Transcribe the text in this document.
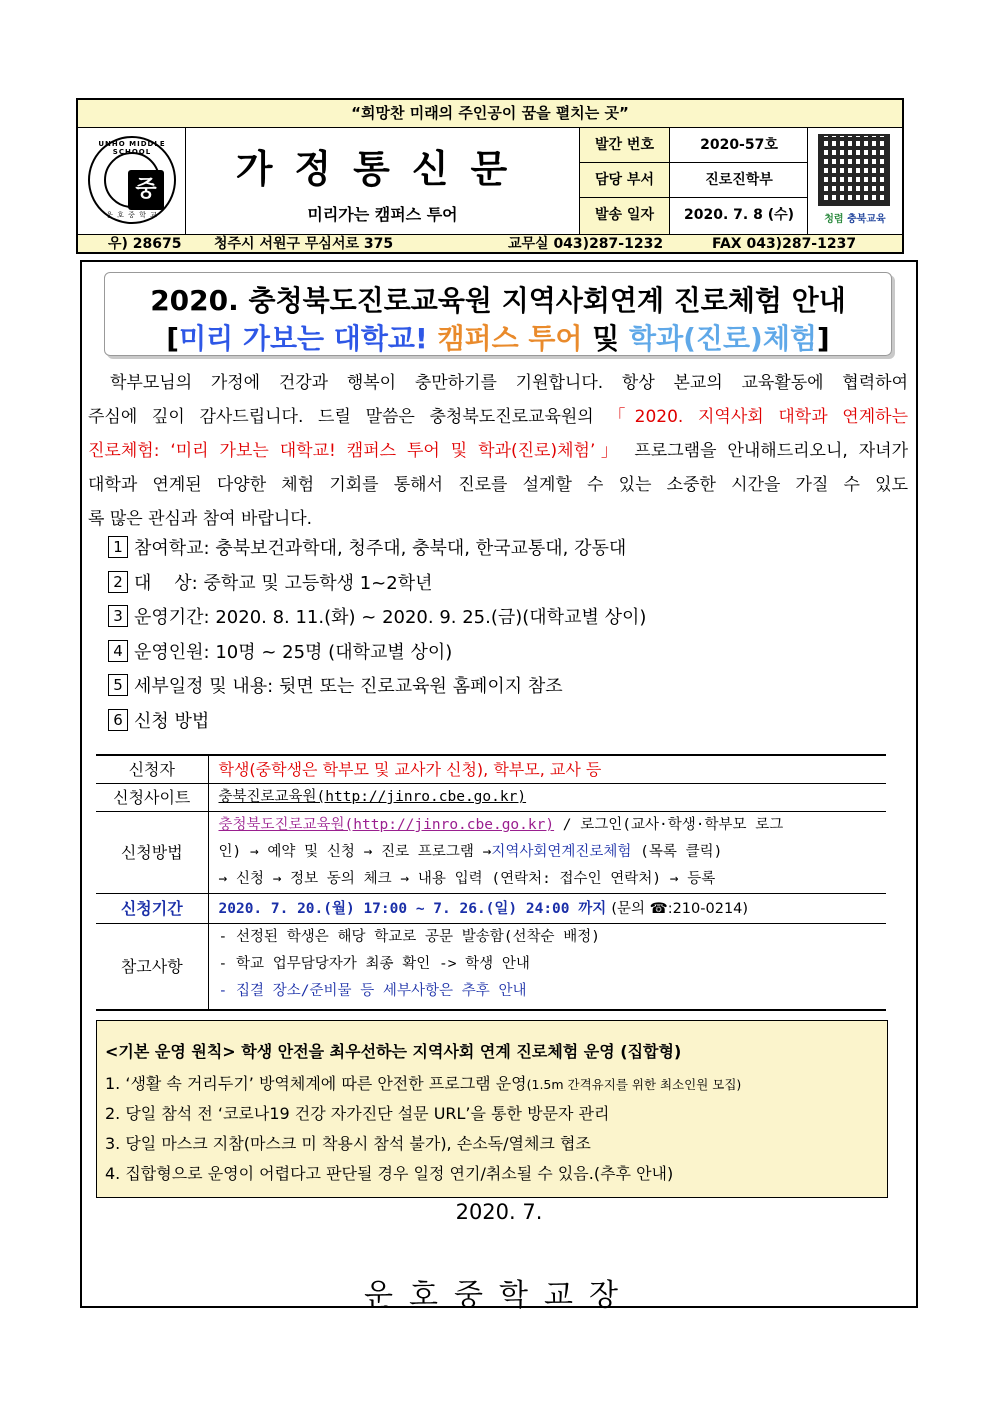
“희망찬 미래의 주인공이 꿈을 펼치는 곳”
UNHO MIDDLE SCHOOL
중
운 호 중 학 교
가정통신문
미리가는 캠퍼스 투어
발간 번호	2020-57호
담당 부서	진로진학부
발송 일자	2020. 7. 8 (수)	청렴 충북교육
우) 28675 청주시 서원구 무심서로 375	교무실 043)287-1232	FAX 043)287-1237
2020. 충청북도진로교육원 지역사회연계 진로체험 안내
[미리 가보는 대학교! 캠퍼스 투어 및 학과(진로)체험]
학부모님의 가정에 건강과 행복이 충만하기를 기원합니다. 항상 본교의 교육활동에 협력하여
주심에 깊이 감사드립니다. 드릴 말씀은 충청북도진로교육원의 「2020. 지역사회 대학과 연계하는
진로체험: ‘미리 가보는 대학교! 캠퍼스 투어 및 학과(진로)체험’」 프로그램을 안내해드리오니, 자녀가
대학과 연계된 다양한 체험 기회를 통해서 진로를 설계할 수 있는 소중한 시간을 가질 수 있도
록 많은 관심과 참여 바랍니다.
1 참여학교: 충북보건과학대, 청주대, 충북대, 한국교통대, 강동대
2 대    상: 중학교 및 고등학생 1~2학년
3 운영기간: 2020. 8. 11.(화) ~ 2020. 9. 25.(금)(대학교별 상이)
4 운영인원: 10명 ~ 25명 (대학교별 상이)
5 세부일정 및 내용: 뒷면 또는 진로교육원 홈페이지 참조
6 신청 방법
신청자	학생(중학생은 학부모 및 교사가 신청), 학부모, 교사 등
신청사이트	충북진로교육원(http://jinro.cbe.go.kr)
신청방법	충청북도진로교육원(http://jinro.cbe.go.kr) / 로그인(교사·학생·학부모 로그
인) → 예약 및 신청 → 진로 프로그램 →지역사회연계진로체험 (목록 클릭)
→ 신청 → 정보 동의 체크 → 내용 입력 (연락처: 접수인 연락처) → 등록

신청기간	2020. 7. 20.(월) 17:00 ~ 7. 26.(일) 24:00 까지 (문의 ☎:210-0214)
참고사항	- 선정된 학생은 해당 학교로 공문 발송함(선착순 배정)
- 학교 업무담당자가 최종 확인 -> 학생 안내
- 집결 장소/준비물 등 세부사항은 추후 안내
<기본 운영 원칙> 학생 안전을 최우선하는 지역사회 연계 진로체험 운영 (집합형)
1. ‘생활 속 거리두기’ 방역체계에 따른 안전한 프로그램 운영(1.5m 간격유지를 위한 최소인원 모집)
2. 당일 참석 전 ‘코로나19 건강 자가진단 설문 URL’을 통한 방문자 관리
3. 당일 마스크 지참(마스크 미 착용시 참석 불가), 손소독/열체크 협조
4. 집합형으로 운영이 어렵다고 판단될 경우 일정 연기/취소될 수 있음.(추후 안내)
2020. 7.
운호중학교장
